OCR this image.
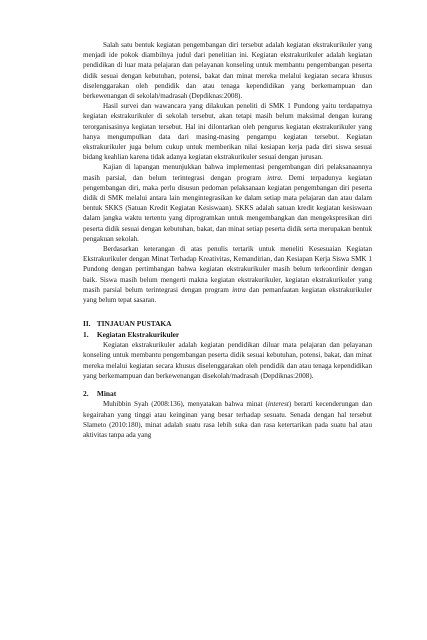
Salah satu bentuk kegiatan pengembangan diri tersebut adalah kegiatan ekstrakurikuler yang menjadi ide pokok diambilnya judul dari penelitian ini. Kegiatan ekstrakurikuler adalah kegiatan pendidikan di luar mata pelajaran dan pelayanan konseling untuk membantu pengembangan peserta didik sesuai dengan kebutuhan, potensi, bakat dan minat mereka melalui kegiatan secara khusus diselenggarakan oleh pendidik dan atau tenaga kependidikan yang berkemampuan dan berkewenangan di sekolah/madrasah (Depdiknas:2008).

Hasil survei dan wawancara yang dilakukan peneliti di SMK 1 Pundong yaitu terdapatnya kegiatan ekstrakurikuler di sekolah tersebut, akan tetapi masih belum maksimal dengan kurang terorganisasinya kegiatan tersebut. Hal ini dilontarkan oleh pengurus kegiatan ekstrakurikuler yang hanya mengumpulkan data dari masing-masing pengampu kegiatan tersebut. Kegiatan ekstrakurikuler juga belum cukup untuk memberikan nilai kesiapan kerja pada diri siswa sesuai bidang keahlian karena tidak adanya kegiatan ekstrakurikuler sesuai dengan jurusan.

Kajian di lapangan menunjukkan bahwa implementasi pengembangan diri pelaksanaannya masih parsial, dan belum terintegrasi dengan program intra. Demi terpadunya kegiatan pengembangan diri, maka perlu disusun pedoman pelaksanaan kegiatan pengembangan diri peserta didik di SMK melalui antara lain mengintegrasikan ke dalam setiap mata pelajaran dan atau dalam bentuk SKKS (Satuan Kredit Kegiatan Kesiswaan). SKKS adalah satuan kredit kegiatan kesiswaan dalam jangka waktu tertentu yang diprogramkan untuk mengembangkan dan mengekspresikan diri peserta didik sesuai dengan kebutuhan, bakat, dan minat setiap peserta didik serta merupakan bentuk pengakuan sekolah.

Berdasarkan keterangan di atas penulis tertarik untuk meneliti Kesesuaian Kegiatan Ekstrakurikuler dengan Minat Terhadap Kreativitas, Kemandirian, dan Kesiapan Kerja Siswa SMK 1 Pundong dengan pertimbangan bahwa kegiatan ekstrakurikuler masih belum terkoordinir dengan baik. Siswa masih belum mengerti makna kegiatan ekstrakurikuler, kegiatan ekstrakurikuler yang masih parsial belum terintegrasi dengan program intra dan pemanfaatan kegiatan ekstrakurikuler yang belum tepat sasaran.

II. TINJAUAN PUSTAKA
1. Kegiatan Ekstrakurikuler

Kegiatan ekstrakurikuler adalah kegiatan pendidikan diluar mata pelajaran dan pelayanan konseling untuk membantu pengembangan peserta didik sesuai kebutuhan, potensi, bakat, dan minat mereka melalui kegiatan secara khusus diselenggarakan oleh pendidik dan atau tenaga kependidikan yang berkemampuan dan berkewenangan disekolah/madrasah (Depdiknas:2008).

2. Minat

Muhibbin Syah (2008:136), menyatakan bahwa minat (interest) berarti kecenderungan dan kegairahan yang tinggi atau keinginan yang besar terhadap sesuatu. Senada dengan hal tersebut Slameto (2010:180), minat adalah suatu rasa lebih suka dan rasa ketertarikan pada suatu hal atau aktivitas tanpa ada yang
